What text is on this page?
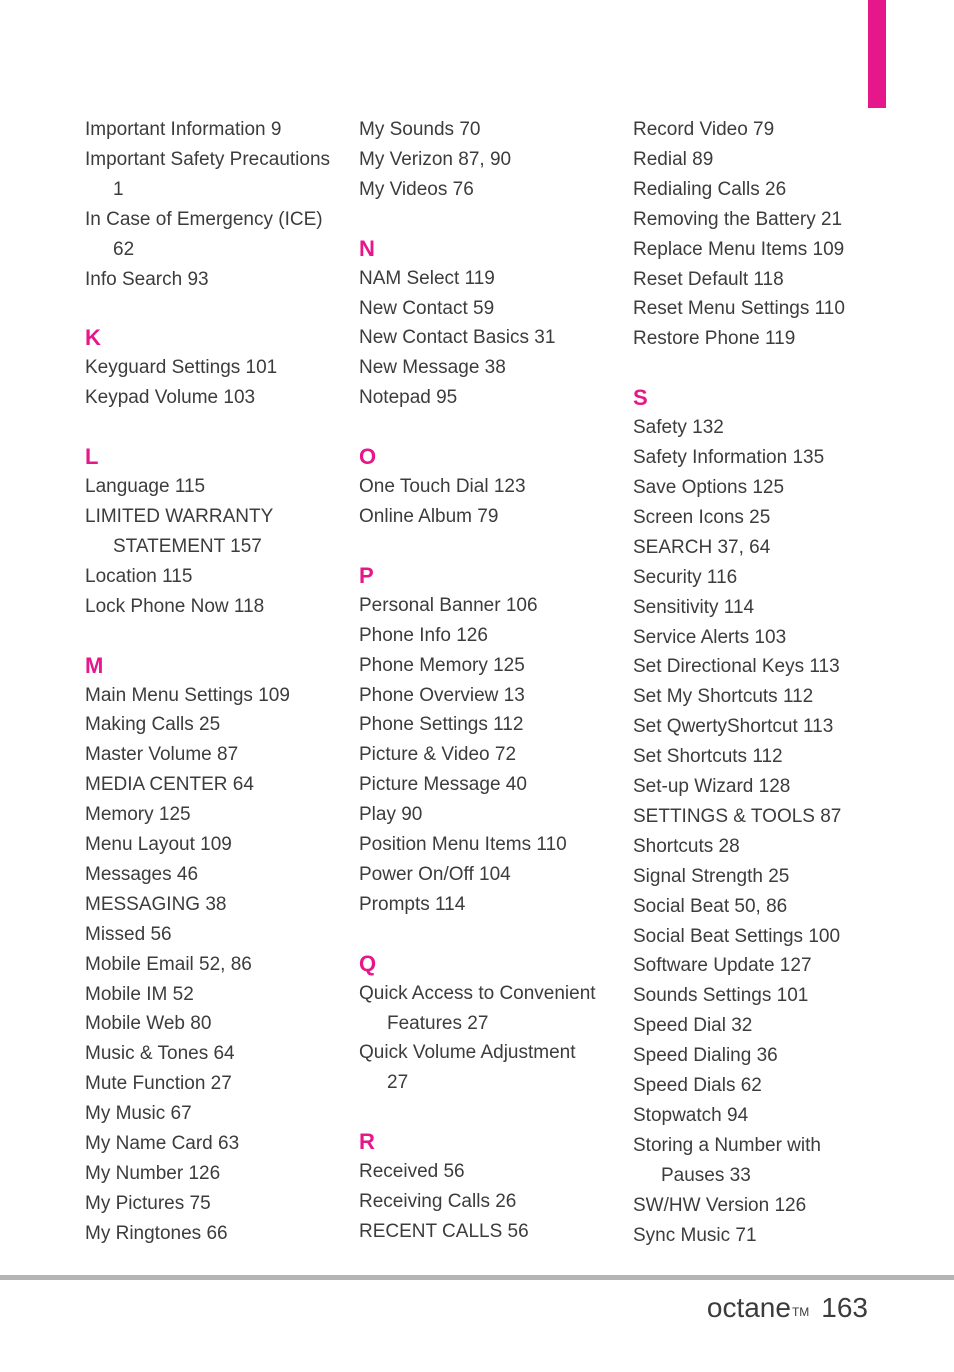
Important Information 9
Important Safety Precautions
1
In Case of Emergency (ICE)
62
Info Search 93
K
Keyguard Settings 101
Keypad Volume 103
L
Language 115
LIMITED WARRANTY
STATEMENT 157
Location 115
Lock Phone Now 118
M
Main Menu Settings 109
Making Calls 25
Master Volume 87
MEDIA CENTER 64
Memory 125
Menu Layout 109
Messages 46
MESSAGING 38
Missed 56
Mobile Email 52, 86
Mobile IM 52
Mobile Web 80
Music & Tones 64
Mute Function 27
My Music 67
My Name Card 63
My Number 126
My Pictures 75
My Ringtones 66
My Sounds 70
My Verizon 87, 90
My Videos 76
N
NAM Select 119
New Contact 59
New Contact Basics 31
New Message 38
Notepad 95
O
One Touch Dial 123
Online Album 79
P
Personal Banner 106
Phone Info 126
Phone Memory 125
Phone Overview 13
Phone Settings 112
Picture & Video 72
Picture Message 40
Play 90
Position Menu Items 110
Power On/Off 104
Prompts 114
Q
Quick Access to Convenient
Features 27
Quick Volume Adjustment
27
R
Received 56
Receiving Calls 26
RECENT CALLS 56
Record Video 79
Redial 89
Redialing Calls 26
Removing the Battery 21
Replace Menu Items 109
Reset Default 118
Reset Menu Settings 110
Restore Phone 119
S
Safety 132
Safety Information 135
Save Options 125
Screen Icons 25
SEARCH 37, 64
Security 116
Sensitivity 114
Service Alerts 103
Set Directional Keys 113
Set My Shortcuts 112
Set QwertyShortcut 113
Set Shortcuts 112
Set-up Wizard 128
SETTINGS & TOOLS 87
Shortcuts 28
Signal Strength 25
Social Beat 50, 86
Social Beat Settings 100
Software Update 127
Sounds Settings 101
Speed Dial 32
Speed Dialing 36
Speed Dials 62
Stopwatch 94
Storing a Number with
Pauses 33
SW/HW Version 126
Sync Music 71
octane™ 163
